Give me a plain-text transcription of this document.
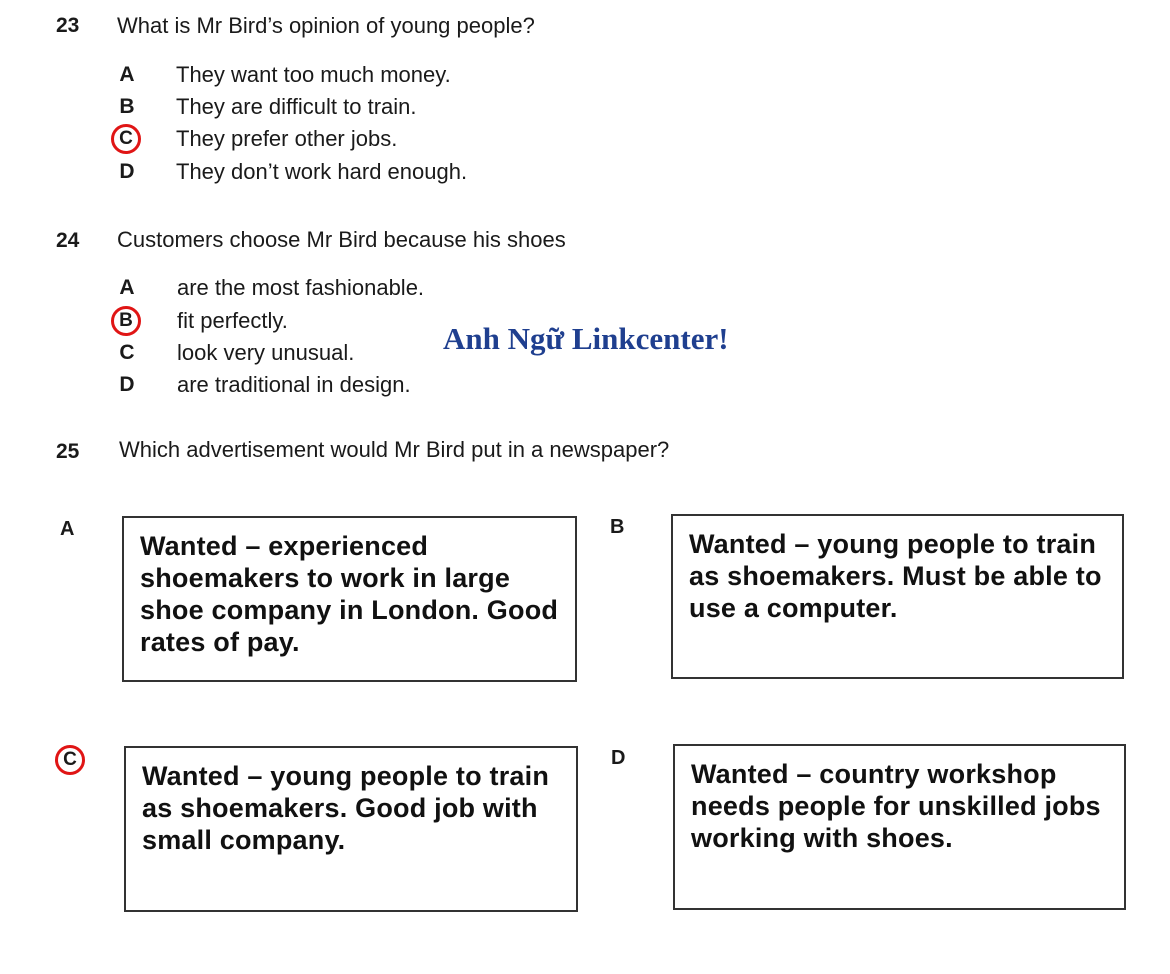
23 What is Mr Bird’s opinion of young people?
A They want too much money.
B They are difficult to train.
C	They prefer other jobs.
D They don’t work hard enough.
24 Customers choose Mr Bird because his shoes
A are the most fashionable.
B	fit perfectly.
C look very unusual.
D are traditional in design.
Anh Ngữ Linkcenter!
25 Which advertisement would Mr Bird put in a newspaper?
A
Wanted – experienced shoemakers to work in large shoe company in London. Good rates of pay.
B
Wanted – young people to train as shoemakers. Must be able to use a computer.
C
Wanted – young people to train as shoemakers. Good job with small company.
D
Wanted – country workshop needs people for unskilled jobs working with shoes.
